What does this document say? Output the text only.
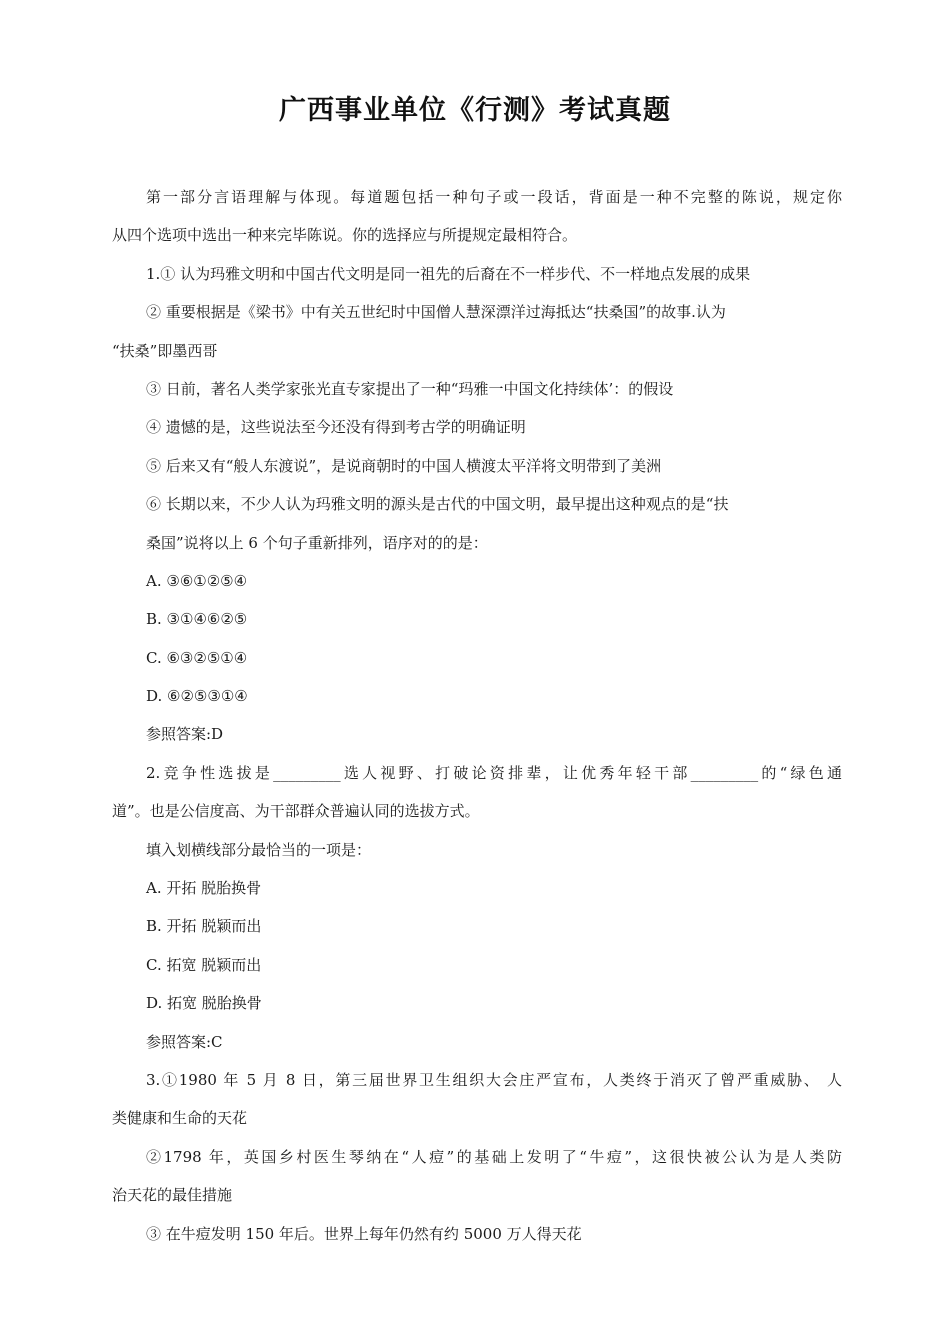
广西事业单位《行测》考试真题
第一部分言语理解与体现。每道题包括一种句子或一段话，背面是一种不完整的陈说，规定你
从四个选项中选出一种来完毕陈说。你的选择应与所提规定最相符合。
1.① 认为玛雅文明和中国古代文明是同一祖先的后裔在不一样步代、不一样地点发展的成果
② 重要根据是《梁书》中有关五世纪时中国僧人慧深漂洋过海抵达“扶桑国”的故事.认为
“扶桑”即墨西哥
③ 日前，著名人类学家张光直专家提出了一种“玛雅一中国文化持续体’：的假设
④ 遗憾的是，这些说法至今还没有得到考古学的明确证明
⑤ 后来又有“般人东渡说”，是说商朝时的中国人横渡太平洋将文明带到了美洲
⑥ 长期以来，不少人认为玛雅文明的源头是古代的中国文明，最早提出这种观点的是“扶
桑国”说将以上 6 个句子重新排列，语序对的的是：
A. ③⑥①②⑤④
B. ③①④⑥②⑤
C. ⑥③②⑤①④
D. ⑥②⑤③①④
参照答案:D
2.竞争性选拔是_________选人视野、打破论资排辈，让优秀年轻干部_________的“绿色通
道”。也是公信度高、为干部群众普遍认同的选拔方式。
填入划横线部分最恰当的一项是：
A. 开拓 脱胎换骨
B. 开拓 脱颖而出
C. 拓宽 脱颖而出
D. 拓宽 脱胎换骨
参照答案:C
3.①1980 年 5 月 8 日，第三届世界卫生组织大会庄严宣布，人类终于消灭了曾严重威胁、 人
类健康和生命的天花
②1798 年，英国乡村医生琴纳在“人痘”的基础上发明了“牛痘”，这很快被公认为是人类防
治天花的最佳措施
③ 在牛痘发明 150 年后。世界上每年仍然有约 5000 万人得天花
